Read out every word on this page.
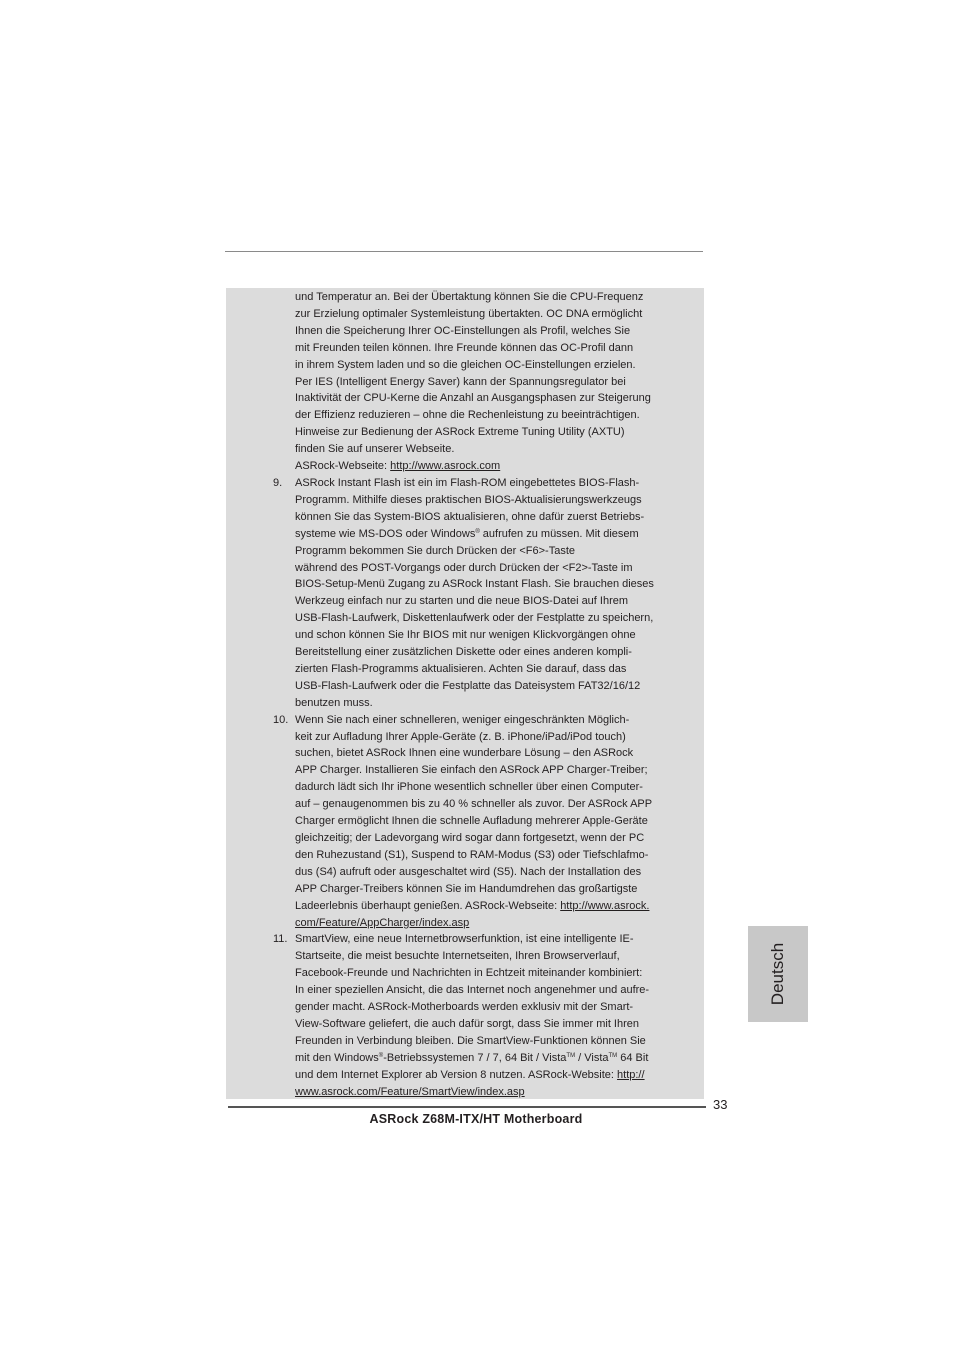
und Temperatur an. Bei der Übertaktung können Sie die CPU-Frequenz
zur Erzielung optimaler Systemleistung übertakten. OC DNA ermöglicht
Ihnen die Speicherung Ihrer OC-Einstellungen als Profil, welches Sie
mit Freunden teilen können. Ihre Freunde können das OC-Profil dann
in ihrem System laden und so die gleichen OC-Einstellungen erzielen.
Per IES (Intelligent Energy Saver) kann der Spannungsregulator bei
Inaktivität der CPU-Kerne die Anzahl an Ausgangsphasen zur Steigerung
der Effizienz reduzieren – ohne die Rechenleistung zu beeinträchtigen.
Hinweise zur Bedienung der ASRock Extreme Tuning Utility (AXTU)
finden Sie auf unserer Webseite.
ASRock-Webseite: http://www.asrock.com
9. ASRock Instant Flash ist ein im Flash-ROM eingebettetes BIOS-Flash-
Programm. Mithilfe dieses praktischen BIOS-Aktualisierungswerkzeugs
können Sie das System-BIOS aktualisieren, ohne dafür zuerst Betriebs-
systeme wie MS-DOS oder Windows® aufrufen zu müssen. Mit diesem
Programm bekommen Sie durch Drücken der <F6>-Taste
während des POST-Vorgangs oder durch Drücken der <F2>-Taste im
BIOS-Setup-Menü Zugang zu ASRock Instant Flash. Sie brauchen dieses
Werkzeug einfach nur zu starten und die neue BIOS-Datei auf Ihrem
USB-Flash-Laufwerk, Diskettenlaufwerk oder der Festplatte zu speichern,
und schon können Sie Ihr BIOS mit nur wenigen Klickvorgängen ohne
Bereitstellung einer zusätzlichen Diskette oder eines anderen kompli-
zierten Flash-Programms aktualisieren. Achten Sie darauf, dass das
USB-Flash-Laufwerk oder die Festplatte das Dateisystem FAT32/16/12
benutzen muss.
10. Wenn Sie nach einer schnelleren, weniger eingeschränkten Möglich-
keit zur Aufladung Ihrer Apple-Geräte (z. B. iPhone/iPad/iPod touch)
suchen, bietet ASRock Ihnen eine wunderbare Lösung – den ASRock
APP Charger. Installieren Sie einfach den ASRock APP Charger-Treiber;
dadurch lädt sich Ihr iPhone wesentlich schneller über einen Computer-
auf – genaugenommen bis zu 40 % schneller als zuvor. Der ASRock APP
Charger ermöglicht Ihnen die schnelle Aufladung mehrerer Apple-Geräte
gleichzeitig; der Ladevorgang wird sogar dann fortgesetzt, wenn der PC
den Ruhezustand (S1), Suspend to RAM-Modus (S3) oder Tiefschlafmo-
dus (S4) aufruft oder ausgeschaltet wird (S5). Nach der Installation des
APP Charger-Treibers können Sie im Handumdrehen das großartigste
Ladeerlebnis überhaupt genießen. ASRock-Webseite: http://www.asrock.
com/Feature/AppCharger/index.asp
11. SmartView, eine neue Internetbrowserfunktion, ist eine intelligente IE-
Startseite, die meist besuchte Internetseiten, Ihren Browserverlauf,
Facebook-Freunde und Nachrichten in Echtzeit miteinander kombiniert:
In einer speziellen Ansicht, die das Internet noch angenehmer und aufre-
gender macht. ASRock-Motherboards werden exklusiv mit der Smart-
View-Software geliefert, die auch dafür sorgt, dass Sie immer mit Ihren
Freunden in Verbindung bleiben. Die SmartView-Funktionen können Sie
mit den Windows®-Betriebssystemen 7 / 7, 64 Bit / Vista™ / Vista™ 64 Bit
und dem Internet Explorer ab Version 8 nutzen. ASRock-Website: http://
www.asrock.com/Feature/SmartView/index.asp
Deutsch
33
ASRock Z68M-ITX/HT Motherboard
